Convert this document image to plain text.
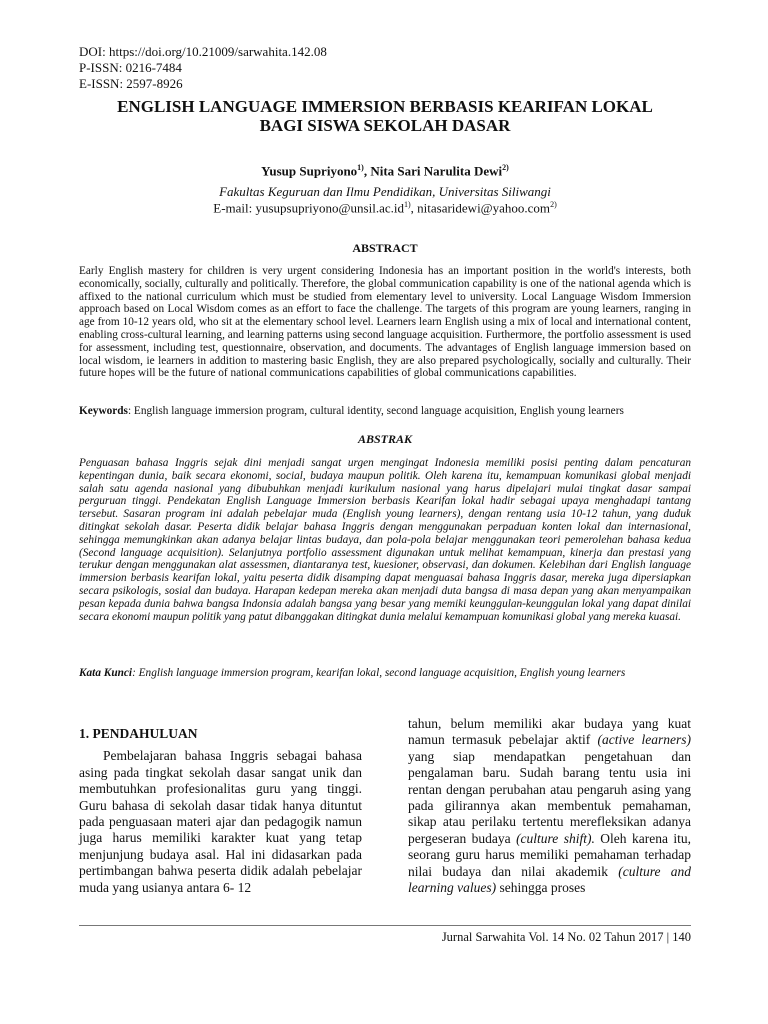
DOI: https://doi.org/10.21009/sarwahita.142.08
P-ISSN: 0216-7484
E-ISSN: 2597-8926
ENGLISH LANGUAGE IMMERSION BERBASIS KEARIFAN LOKAL
BAGI SISWA SEKOLAH DASAR
Yusup Supriyono$^{1)}$, Nita Sari Narulita Dewi$^{2)}$
Fakultas Keguruan dan Ilmu Pendidikan, Universitas Siliwangi
E-mail: $yusupsupriyono@unsil.ac.id^{1)}$, nitasaridewi@yahoo.com$^{2)}$
ABSTRACT
Early English mastery for children is very urgent considering Indonesia has an important position in the world's interests, both economically, socially, culturally and politically. Therefore, the global communication capability is one of the national agenda which is affixed to the national curriculum which must be studied from elementary level to university. Local Language Wisdom Immersion approach based on Local Wisdom comes as an effort to face the challenge. The targets of this program are young learners, ranging in age from 10-12 years old, who sit at the elementary school level. Learners learn English using a mix of local and international content, enabling cross-cultural learning, and learning patterns using second language acquisition. Furthermore, the portfolio assessment is used for assessment, including test, questionnaire, observation, and documents. The advantages of English language immersion based on local wisdom, ie learners in addition to mastering basic English, they are also prepared psychologically, socially and culturally. Their future hopes will be the future of national communications capabilities of global communications capabilities.
Keywords: English language immersion program, cultural identity, second language acquisition, English young learners
ABSTRAK
Penguasan bahasa Inggris sejak dini menjadi sangat urgen mengingat Indonesia memiliki posisi penting dalam pencaturan kepentingan dunia, baik secara ekonomi, social, budaya maupun politik. Oleh karena itu, kemampuan komunikasi global menjadi salah satu agenda nasional yang dibubuhkan menjadi kurikulum nasional yang harus dipelajari mulai tingkat dasar sampai perguruan tinggi. Pendekatan English Language Immersion berbasis Kearifan lokal hadir sebagai upaya menghadapi tantang tersebut. Sasaran program ini adalah pebelajar muda (English young learners), dengan rentang usia 10-12 tahun, yang duduk ditingkat sekolah dasar. Peserta didik belajar bahasa Inggris dengan menggunakan perpaduan konten lokal dan internasional, sehingga memungkinkan akan adanya belajar lintas budaya, dan pola-pola belajar menggunakan teori pemerolehan bahasa kedua (Second language acquisition). Selanjutnya portfolio assessment digunakan untuk melihat kemampuan, kinerja dan prestasi yang terukur dengan menggunakan alat assessmen, diantaranya test, kuesioner, observasi, dan dokumen. Kelebihan dari English language immersion berbasis kearifan lokal, yaitu peserta didik disamping dapat menguasai bahasa Inggris dasar, mereka juga dipersiapkan secara psikologis, sosial dan budaya. Harapan kedepan mereka akan menjadi duta bangsa di masa depan yang akan menyampaikan pesan kepada dunia bahwa bangsa Indonsia adalah bangsa yang besar yang memiki keunggulan-keunggulan lokal yang dapat dinilai secara ekonomi maupun politik yang patut dibanggakan ditingkat dunia melalui kemampuan komunikasi global yang mereka kuasai.
Kata Kunci: English language immersion program, kearifan lokal, second language acquisition, English young learners
1. PENDAHULUAN

Pembelajaran bahasa Inggris sebagai bahasa asing pada tingkat sekolah dasar sangat unik dan membutuhkan profesionalitas guru yang tinggi. Guru bahasa di sekolah dasar tidak hanya dituntut pada penguasaan materi ajar dan pedagogik namun juga harus memiliki karakter kuat yang tetap menjunjung budaya asal. Hal ini didasarkan pada pertimbangan bahwa peserta didik adalah pebelajar muda yang usianya antara 6- 12

tahun, belum memiliki akar budaya yang kuat namun termasuk pebelajar aktif (active learners) yang siap mendapatkan pengetahuan dan pengalaman baru. Sudah barang tentu usia ini rentan dengan perubahan atau pengaruh asing yang pada gilirannya akan membentuk pemahaman, sikap atau perilaku tertentu merefleksikan adanya pergeseran budaya (culture shift). Oleh karena itu, seorang guru harus memiliki pemahaman terhadap nilai budaya dan nilai akademik (culture and learning values) sehingga proses

Jurnal Sarwahita Vol. 14 No. 02 Tahun 2017 | 140
